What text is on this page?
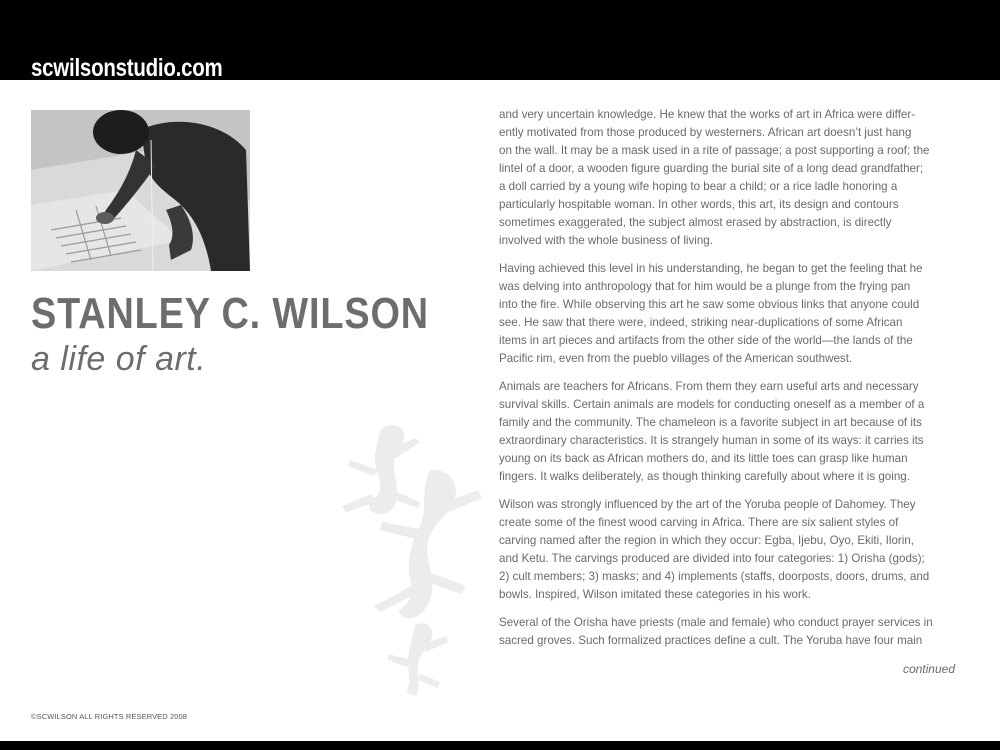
scwilsonstudio.com
STANLEY C. WILSON
a life of art.

and very uncertain knowledge. He knew that the works of art in Africa were differ-
ently motivated from those produced by westerners. African art doesn’t just hang
on the wall. It may be a mask used in a rite of passage; a post supporting a roof; the
lintel of a door, a wooden figure guarding the burial site of a long dead grandfather;
a doll carried by a young wife hoping to bear a child; or a rice ladle honoring a
particularly hospitable woman. In other words, this art, its design and contours
sometimes exaggerated, the subject almost erased by abstraction, is directly
involved with the whole business of living.

Having achieved this level in his understanding, he began to get the feeling that he
was delving into anthropology that for him would be a plunge from the frying pan
into the fire. While observing this art he saw some obvious links that anyone could
see. He saw that there were, indeed, striking near-duplications of some African
items in art pieces and artifacts from the other side of the world—the lands of the
Pacific rim, even from the pueblo villages of the American southwest.

Animals are teachers for Africans. From them they earn useful arts and necessary
survival skills. Certain animals are models for conducting oneself as a member of a
family and the community. The chameleon is a favorite subject in art because of its
extraordinary characteristics. It is strangely human in some of its ways: it carries its
young on its back as African mothers do, and its little toes can grasp like human
fingers. It walks deliberately, as though thinking carefully about where it is going.

Wilson was strongly influenced by the art of the Yoruba people of Dahomey. They
create some of the finest wood carving in Africa. There are six salient styles of
carving named after the region in which they occur: Egba, Ijebu, Oyo, Ekiti, Ilorin,
and Ketu. The carvings produced are divided into four categories: 1) Orisha (gods);
2) cult members; 3) masks; and 4) implements (staffs, doorposts, doors, drums, and
bowls. Inspired, Wilson imitated these categories in his work.

Several of the Orisha have priests (male and female) who conduct prayer services in
sacred groves. Such formalized practices define a cult. The Yoruba have four main

continued
©SCWILSON ALL RIGHTS RESERVED 2008
